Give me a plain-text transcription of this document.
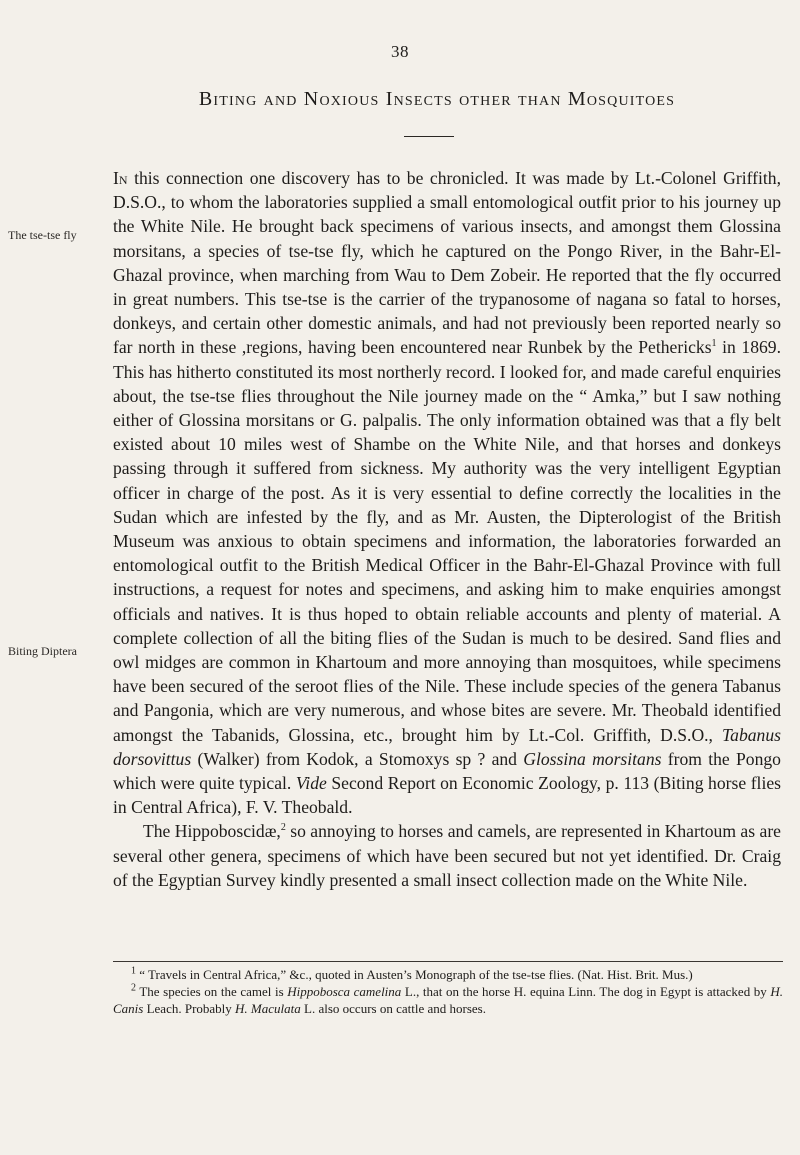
38
Biting and Noxious Insects other than Mosquitoes
The tse-tse fly
Biting Diptera

In this connection one discovery has to be chronicled. It was made by Lt.-Colonel Griffith, D.S.O., to whom the laboratories supplied a small entomological outfit prior to his journey up the White Nile. He brought back specimens of various insects, and amongst them Glossina morsitans, a species of tse-tse fly, which he captured on the Pongo River, in the Bahr-El-Ghazal province, when marching from Wau to Dem Zobeir. He reported that the fly occurred in great numbers. This tse-tse is the carrier of the trypanosome of nagana so fatal to horses, donkeys, and certain other domestic animals, and had not previously been reported nearly so far north in these ,regions, having been encountered near Runbek by the Pethericks$^1$ in 1869. This has hitherto constituted its most northerly record. I looked for, and made careful enquiries about, the tse-tse flies throughout the Nile journey made on the “ Amka,” but I saw nothing either of Glossina morsitans or G. palpalis. The only information obtained was that a fly belt existed about 10 miles west of Shambe on the White Nile, and that horses and donkeys passing through it suffered from sickness. My authority was the very intelligent Egyptian officer in charge of the post. As it is very essential to define correctly the localities in the Sudan which are infested by the fly, and as Mr. Austen, the Dipterologist of the British Museum was anxious to obtain specimens and information, the laboratories forwarded an entomological outfit to the British Medical Officer in the Bahr-El-Ghazal Province with full instructions, a request for notes and specimens, and asking him to make enquiries amongst officials and natives. It is thus hoped to obtain reliable accounts and plenty of material. A complete collection of all the biting flies of the Sudan is much to be desired. Sand flies and owl midges are common in Khartoum and more annoying than mosquitoes, while specimens have been secured of the seroot flies of the Nile. These include species of the genera Tabanus and Pangonia, which are very numerous, and whose bites are severe. Mr. Theobald identified amongst the Tabanids, Glossina, etc., brought him by Lt.-Col. Griffith, D.S.O., Tabanus dorsovittus (Walker) from Kodok, a Stomoxys sp ? and Glossina morsitans from the Pongo which were quite typical. Vide Second Report on Economic Zoology, p. 113 (Biting horse flies in Central Africa), F. V. Theobald.

The Hippoboscidæ,$^2$ so annoying to horses and camels, are represented in Khartoum as are several other genera, specimens of which have been secured but not yet identified. Dr. Craig of the Egyptian Survey kindly presented a small insect collection made on the White Nile.

$^1$ “ Travels in Central Africa,” &c., quoted in Austen’s Monograph of the tse-tse flies. (Nat. Hist. Brit. Mus.)

$^2$ The species on the camel is Hippobosca camelina L., that on the horse H. equina Linn. The dog in Egypt is attacked by H. Canis Leach. Probably H. Maculata L. also occurs on cattle and horses.
